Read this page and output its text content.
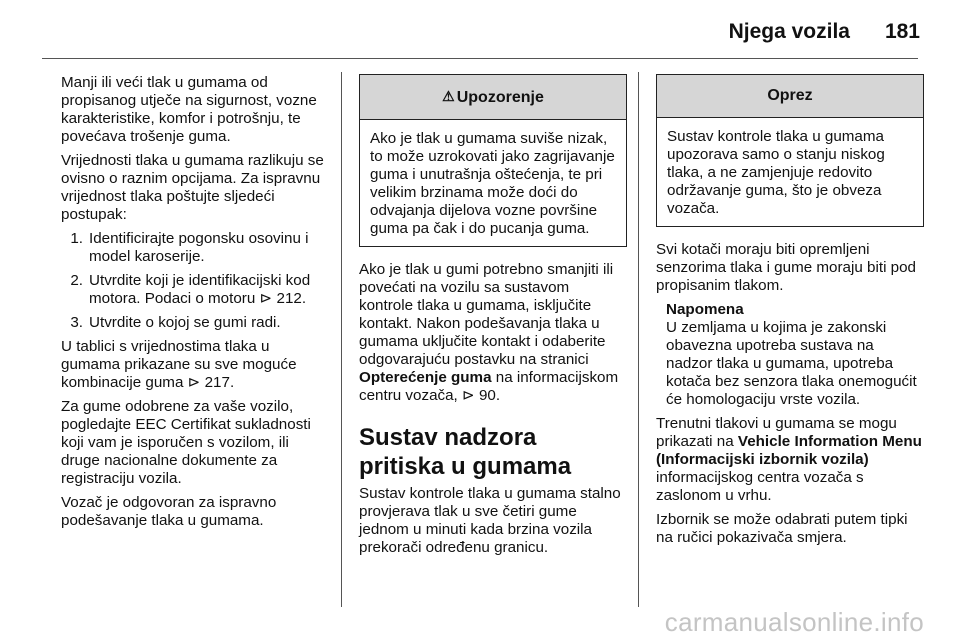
Njega vozila 181

Manji ili veći tlak u gumama od propisanog utječe na sigurnost, vozne karakteristike, komfor i potrošnju, te povećava trošenje guma.

Vrijednosti tlaka u gumama razlikuju se ovisno o raznim opcijama. Za ispravnu vrijednost tlaka poštujte sljedeći postupak:

1. Identificirajte pogonsku osovinu i model karoserije.
2. Utvrdite koji je identifikacijski kod motora. Podaci o motoru ⊳ 212.
3. Utvrdite o kojoj se gumi radi.

U tablici s vrijednostima tlaka u gumama prikazane su sve moguće kombinacije guma ⊳ 217.

Za gume odobrene za vaše vozilo, pogledajte EEC Certifikat sukladnosti koji vam je isporučen s vozilom, ili druge nacionalne dokumente za registraciju vozila.

Vozač je odgovoran za ispravno podešavanje tlaka u gumama.

⚠ Upozorenje
Ako je tlak u gumama suviše nizak, to može uzrokovati jako zagrijavanje guma i unutrašnja oštećenja, te pri velikim brzinama može doći do odvajanja dijelova vozne površine guma pa čak i do pucanja guma.

Ako je tlak u gumi potrebno smanjiti ili povećati na vozilu sa sustavom kontrole tlaka u gumama, isključite kontakt. Nakon podešavanja tlaka u gumama uključite kontakt i odaberite odgovarajuću postavku na stranici Opterećenje guma na informacijskom centru vozača, ⊳ 90.

Sustav nadzora pritiska u gumama

Sustav kontrole tlaka u gumama stalno provjerava tlak u sve četiri gume jednom u minuti kada brzina vozila prekorači određenu granicu.

Oprez
Sustav kontrole tlaka u gumama upozorava samo o stanju niskog tlaka, a ne zamjenjuje redovito održavanje guma, što je obveza vozača.

Svi kotači moraju biti opremljeni senzorima tlaka i gume moraju biti pod propisanim tlakom.

Napomena

U zemljama u kojima je zakonski obavezna upotreba sustava na nadzor tlaka u gumama, upotreba kotača bez senzora tlaka onemogućit će homologaciju vrste vozila.

Trenutni tlakovi u gumama se mogu prikazati na Vehicle Information Menu (Informacijski izbornik vozila) informacijskog centra vozača s zaslonom u vrhu.

Izbornik se može odabrati putem tipki na ručici pokazivača smjera.

carmanualsonline.info
